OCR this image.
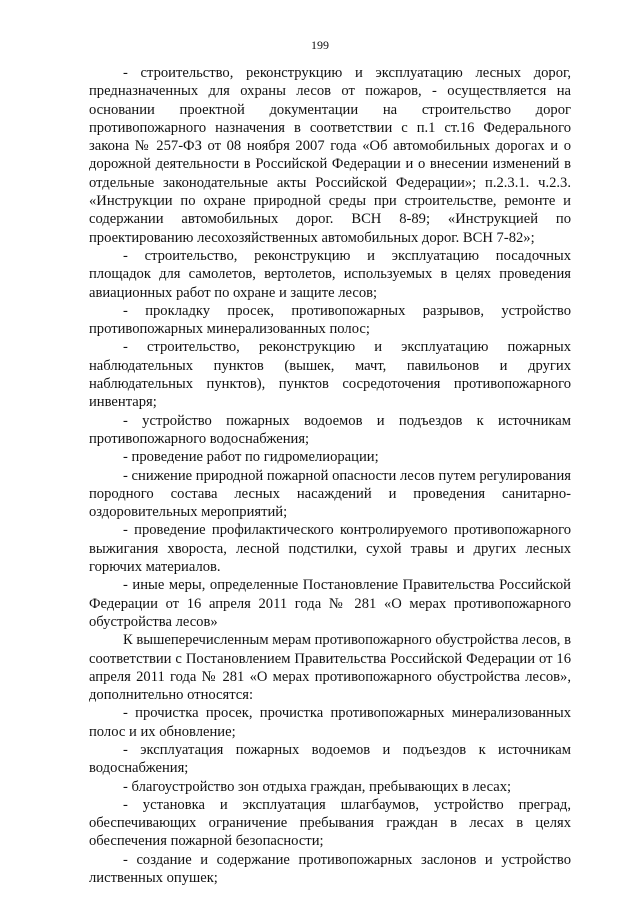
199

- строительство, реконструкцию и эксплуатацию лесных дорог, предназначенных для охраны лесов от пожаров, - осуществляется на основании проектной документации на строительство дорог противопожарного назначения в соответствии с п.1 ст.16 Федерального закона № 257-ФЗ от 08 ноября 2007 года «Об автомобильных дорогах и о дорожной деятельности в Российской Федерации и о внесении изменений в отдельные законодательные акты Российской Федерации»; п.2.3.1. ч.2.3. «Инструкции по охране природной среды при строительстве, ремонте и содержании автомобильных дорог. ВСН 8-89; «Инструкцией по проектированию лесохозяйственных автомобильных дорог. ВСН 7-82»;

- строительство, реконструкцию и эксплуатацию посадочных площадок для самолетов, вертолетов, используемых в целях проведения авиационных работ по охране и защите лесов;

- прокладку просек, противопожарных разрывов, устройство противопожарных минерализованных полос;

- строительство, реконструкцию и эксплуатацию пожарных наблюдательных пунктов (вышек, мачт, павильонов и других наблюдательных пунктов), пунктов сосредоточения противопожарного инвентаря;

- устройство пожарных водоемов и подъездов к источникам противопожарного водоснабжения;

- проведение работ по гидромелиорации;

- снижение природной пожарной опасности лесов путем регулирования породного состава лесных насаждений и проведения санитарно-оздоровительных мероприятий;

- проведение профилактического контролируемого противопожарного выжигания хвороста, лесной подстилки, сухой травы и других лесных горючих материалов.

- иные меры, определенные Постановление Правительства Российской Федерации от 16 апреля 2011 года № 281 «О мерах противопожарного обустройства лесов»

К вышеперечисленным мерам противопожарного обустройства лесов, в соответствии с Постановлением Правительства Российской Федерации от 16 апреля 2011 года № 281 «О мерах противопожарного обустройства лесов», дополнительно относятся:

- прочистка просек, прочистка противопожарных минерализованных полос и их обновление;

- эксплуатация пожарных водоемов и подъездов к источникам водоснабжения;

- благоустройство зон отдыха граждан, пребывающих в лесах;

- установка и эксплуатация шлагбаумов, устройство преград, обеспечивающих ограничение пребывания граждан в лесах в целях обеспечения пожарной безопасности;

- создание и содержание противопожарных заслонов и устройство лиственных опушек;
